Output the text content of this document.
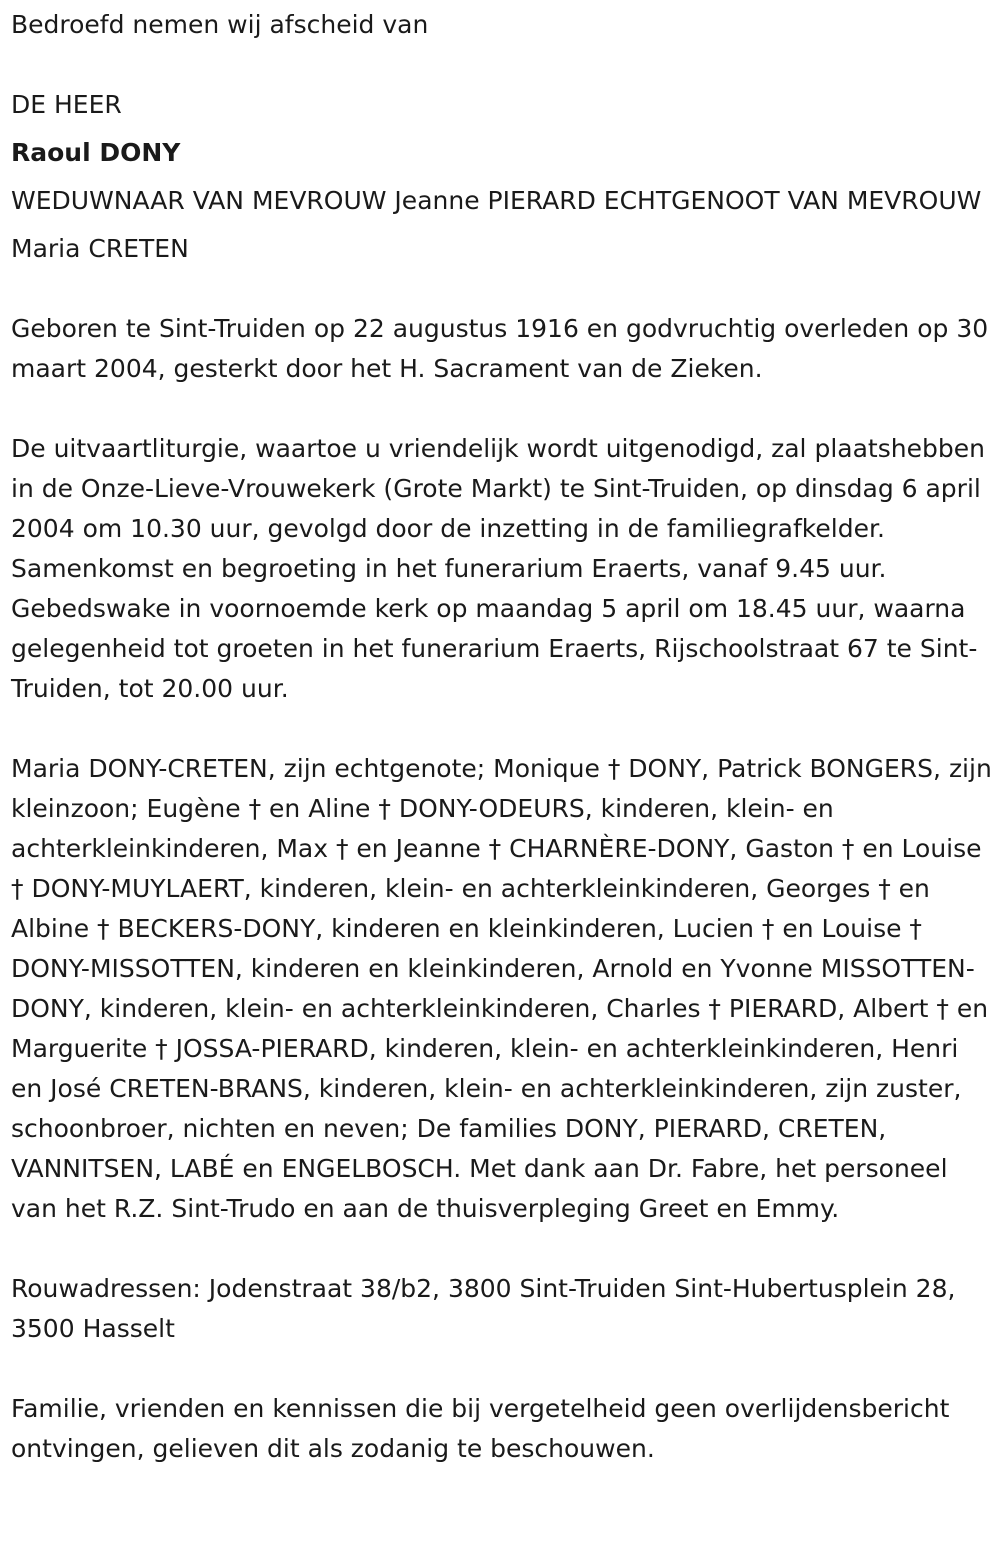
Bedroefd nemen wij afscheid van

DE HEER

Raoul DONY

WEDUWNAAR VAN MEVROUW Jeanne PIERARD ECHTGENOOT VAN MEVROUW

Maria CRETEN

Geboren te Sint-Truiden op 22 augustus 1916 en godvruchtig overleden op 30 maart 2004, gesterkt door het H. Sacrament van de Zieken.

De uitvaartliturgie, waartoe u vriendelijk wordt uitgenodigd, zal plaatshebben in de Onze-Lieve-Vrouwekerk (Grote Markt) te Sint-Truiden, op dinsdag 6 april 2004 om 10.30 uur, gevolgd door de inzetting in de familiegrafkelder. Samenkomst en begroeting in het funerarium Eraerts, vanaf 9.45 uur. Gebedswake in voornoemde kerk op maandag 5 april om 18.45 uur, waarna gelegenheid tot groeten in het funerarium Eraerts, Rijschoolstraat 67 te Sint-Truiden, tot 20.00 uur.

Maria DONY-CRETEN, zijn echtgenote; Monique † DONY, Patrick BONGERS, zijn kleinzoon; Eugène † en Aline † DONY-ODEURS, kinderen, klein- en achterkleinkinderen, Max † en Jeanne † CHARNÈRE-DONY, Gaston † en Louise † DONY-MUYLAERT, kinderen, klein- en achterkleinkinderen, Georges † en Albine † BECKERS-DONY, kinderen en kleinkinderen, Lucien † en Louise † DONY-MISSOTTEN, kinderen en kleinkinderen, Arnold en Yvonne MISSOTTEN-DONY, kinderen, klein- en achterkleinkinderen, Charles † PIERARD, Albert † en Marguerite † JOSSA-PIERARD, kinderen, klein- en achterkleinkinderen, Henri en José CRETEN-BRANS, kinderen, klein- en achterkleinkinderen, zijn zuster, schoonbroer, nichten en neven; De families DONY, PIERARD, CRETEN, VANNITSEN, LABÉ en ENGELBOSCH. Met dank aan Dr. Fabre, het personeel van het R.Z. Sint-Trudo en aan de thuisverpleging Greet en Emmy.

Rouwadressen: Jodenstraat 38/b2, 3800 Sint-Truiden Sint-Hubertusplein 28, 3500 Hasselt

Familie, vrienden en kennissen die bij vergetelheid geen overlijdensbericht ontvingen, gelieven dit als zodanig te beschouwen.
